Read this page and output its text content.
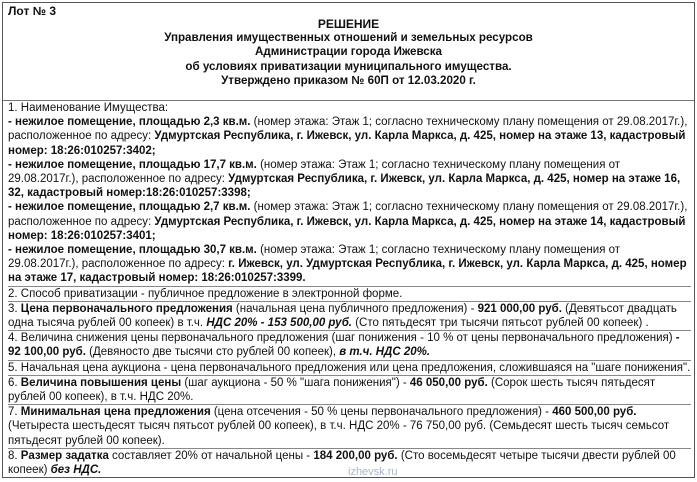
Лот № 3
РЕШЕНИЕ
Управления имущественных отношений и земельных ресурсов
Администрации города Ижевска
об условиях приватизации муниципального имущества.
Утверждено приказом № 60П от 12.03.2020 г.

1. Наименование Имущества:

- нежилое помещение, площадью 2,3 кв.м. (номер этажа: Этаж 1; согласно техническому плану помещения от 29.08.2017г.), расположенное по адресу: Удмуртская Республика, г. Ижевск, ул. Карла Маркса, д. 425, номер на этаже 13, кадастровый номер: 18:26:010257:3402;

- нежилое помещение, площадью 17,7 кв.м. (номер этажа: Этаж 1; согласно техническому плану помещения от 29.08.2017г.), расположенное по адресу: Удмуртская Республика, г. Ижевск, ул. Карла Маркса, д. 425, номер на этаже 16, 32, кадастровый номер:18:26:010257:3398;

- нежилое помещение, площадью 2,7 кв.м. (номер этажа: Этаж 1; согласно техническому плану помещения от 29.08.2017г.), расположенное по адресу: Удмуртская Республика, г. Ижевск, ул. Карла Маркса, д. 425, номер на этаже 14, кадастровый номер: 18:26:010257:3401;

- нежилое помещение, площадью 30,7 кв.м. (номер этажа: Этаж 1; согласно техническому плану помещения от 29.08.2017г.), расположенное по адресу: г. Ижевск, ул. Удмуртская Республика, г. Ижевск, ул. Карла Маркса, д. 425, номер на этаже 17, кадастровый номер: 18:26:010257:3399.

2. Способ приватизации - публичное предложение в электронной форме.

3. Цена первоначального предложения (начальная цена публичного предложения) - 921 000,00 руб. (Девятьсот двадцать одна тысяча рублей 00 копеек) в т.ч. НДС 20% - 153 500,00 руб. (Сто пятьдесят три тысячи пятьсот рублей 00 копеек) .

4. Величина снижения цены первоначального предложения (шаг понижения - 10 % от цены первоначального предложения) - 92 100,00 руб. (Девяносто две тысячи сто рублей 00 копеек), в т.ч. НДС 20%.

5. Начальная цена аукциона - цена первоначального предложения или цена предложения, сложившаяся на "шаге понижения".

6. Величина повышения цены (шаг аукциона - 50 % "шага понижения") - 46 050,00 руб. (Сорок шесть тысяч пятьдесят рублей 00 копеек), в т.ч. НДС 20%.

7. Минимальная цена предложения (цена отсечения - 50 % цены первоначального предложения) - 460 500,00 руб. (Четыреста шестьдесят тысяч пятьсот рублей 00 копеек), в т.ч. НДС 20% - 76 750,00 руб. (Семьдесят шесть тысяч семьсот пятьдесят рублей 00 копеек).

8. Размер задатка составляет 20% от начальной цены - 184 200,00 руб. (Сто восемьдесят четыре тысячи двести рублей 00 копеек) без НДС.	izhevsk.ru
